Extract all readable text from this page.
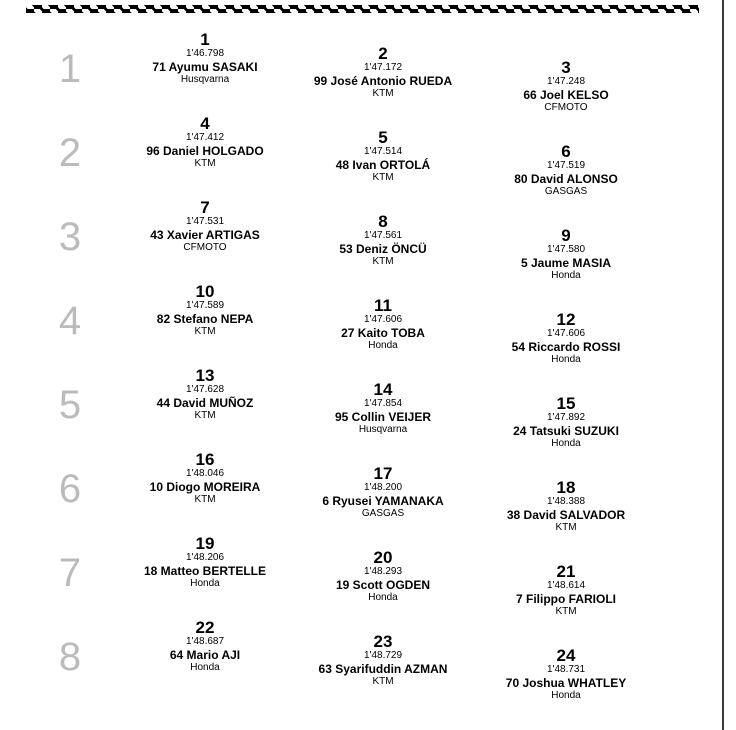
1
2
3
4
5
6
7
8
1
1'46.798
71 Ayumu SASAKI
Husqvarna
2
1'47.172
99 José Antonio RUEDA
KTM
3
1'47.248
66 Joel KELSO
CFMOTO
4
1'47.412
96 Daniel HOLGADO
KTM
5
1'47.514
48 Ivan ORTOLÁ
KTM
6
1'47.519
80 David ALONSO
GASGAS
7
1'47.531
43 Xavier ARTIGAS
CFMOTO
8
1'47.561
53 Deniz ÖNCÜ
KTM
9
1'47.580
5 Jaume MASIA
Honda
10
1'47.589
82 Stefano NEPA
KTM
11
1'47.606
27 Kaito TOBA
Honda
12
1'47.606
54 Riccardo ROSSI
Honda
13
1'47.628
44 David MUÑOZ
KTM
14
1'47.854
95 Collin VEIJER
Husqvarna
15
1'47.892
24 Tatsuki SUZUKI
Honda
16
1'48.046
10 Diogo MOREIRA
KTM
17
1'48.200
6 Ryusei YAMANAKA
GASGAS
18
1'48.388
38 David SALVADOR
KTM
19
1'48.206
18 Matteo BERTELLE
Honda
20
1'48.293
19 Scott OGDEN
Honda
21
1'48.614
7 Filippo FARIOLI
KTM
22
1'48.687
64 Mario AJI
Honda
23
1'48.729
63 Syarifuddin AZMAN
KTM
24
1'48.731
70 Joshua WHATLEY
Honda
